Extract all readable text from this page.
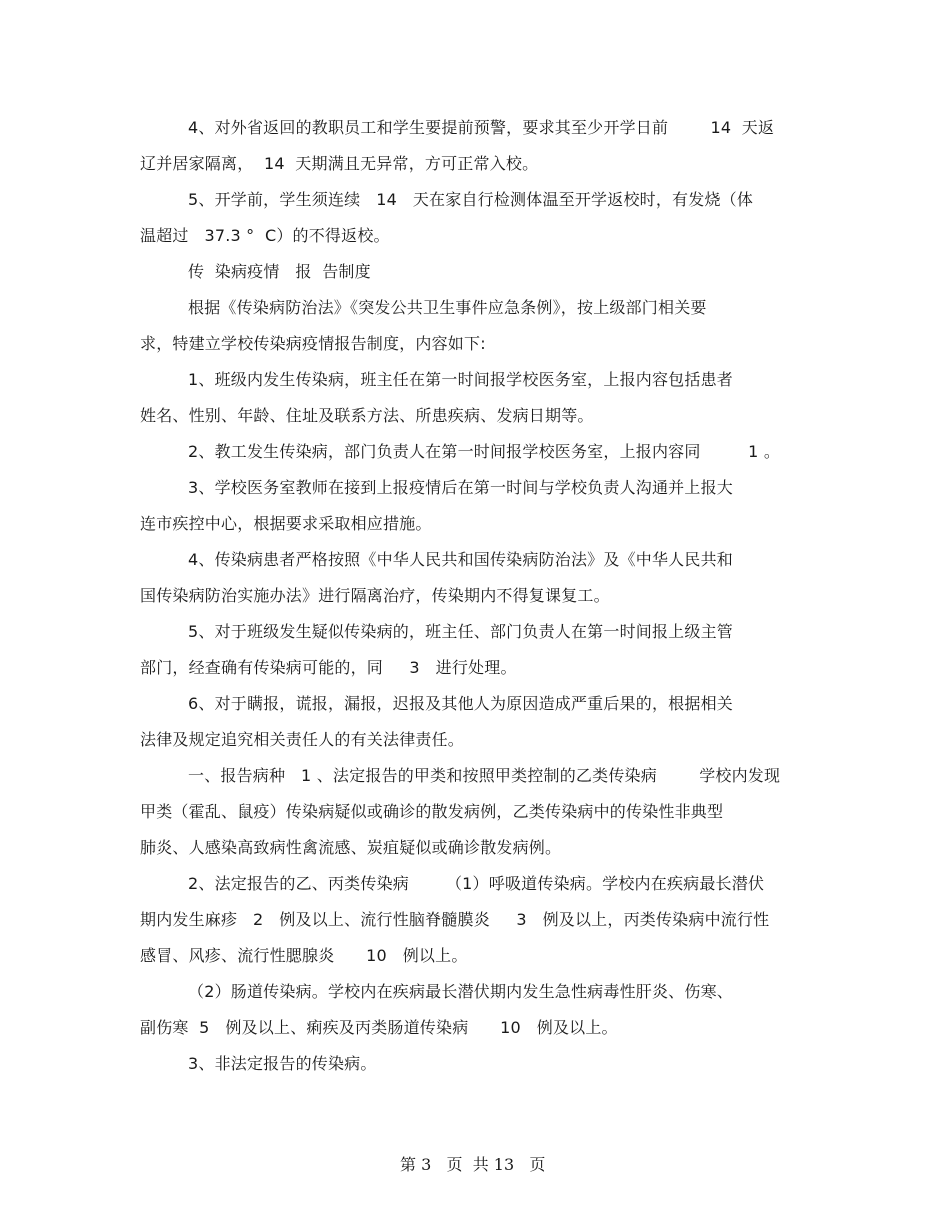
4、对外省返回的教职员工和学生要提前预警，要求其至少开学日前        14  天返
辽并居家隔离，  14  天期满且无异常，方可正常入校。
5、开学前，学生须连续   14   天在家自行检测体温至开学返校时，有发烧（体
温超过   37.3 °  C）的不得返校。
传  染病疫情   报  告制度
根据《传染病防治法》《突发公共卫生事件应急条例》，按上级部门相关要
求，特建立学校传染病疫情报告制度，内容如下:
1、班级内发生传染病，班主任在第一时间报学校医务室，上报内容包括患者
姓名、性别、年龄、住址及联系方法、所患疾病、发病日期等。
2、教工发生传染病，部门负责人在第一时间报学校医务室，上报内容同         1 。
3、学校医务室教师在接到上报疫情后在第一时间与学校负责人沟通并上报大
连市疾控中心，根据要求采取相应措施。
4、传染病患者严格按照《中华人民共和国传染病防治法》及《中华人民共和
国传染病防治实施办法》进行隔离治疗，传染期内不得复课复工。
5、对于班级发生疑似传染病的，班主任、部门负责人在第一时间报上级主管
部门，经查确有传染病可能的，同     3   进行处理。
6、对于瞒报，谎报，漏报，迟报及其他人为原因造成严重后果的，根据相关
法律及规定追究相关责任人的有关法律责任。
一、报告病种   1 、法定报告的甲类和按照甲类控制的乙类传染病        学校内发现
甲类（霍乱、鼠疫）传染病疑似或确诊的散发病例，乙类传染病中的传染性非典型
肺炎、人感染高致病性禽流感、炭疽疑似或确诊散发病例。
2、法定报告的乙、丙类传染病       （1）呼吸道传染病。学校内在疾病最长潜伏
期内发生麻疹   2   例及以上、流行性脑脊髓膜炎     3   例及以上，丙类传染病中流行性
感冒、风疹、流行性腮腺炎      10   例以上。
（2）肠道传染病。学校内在疾病最长潜伏期内发生急性病毒性肝炎、伤寒、
副伤寒  5   例及以上、痢疾及丙类肠道传染病      10   例及以上。
3、非法定报告的传染病。
第 3   页  共 13   页
